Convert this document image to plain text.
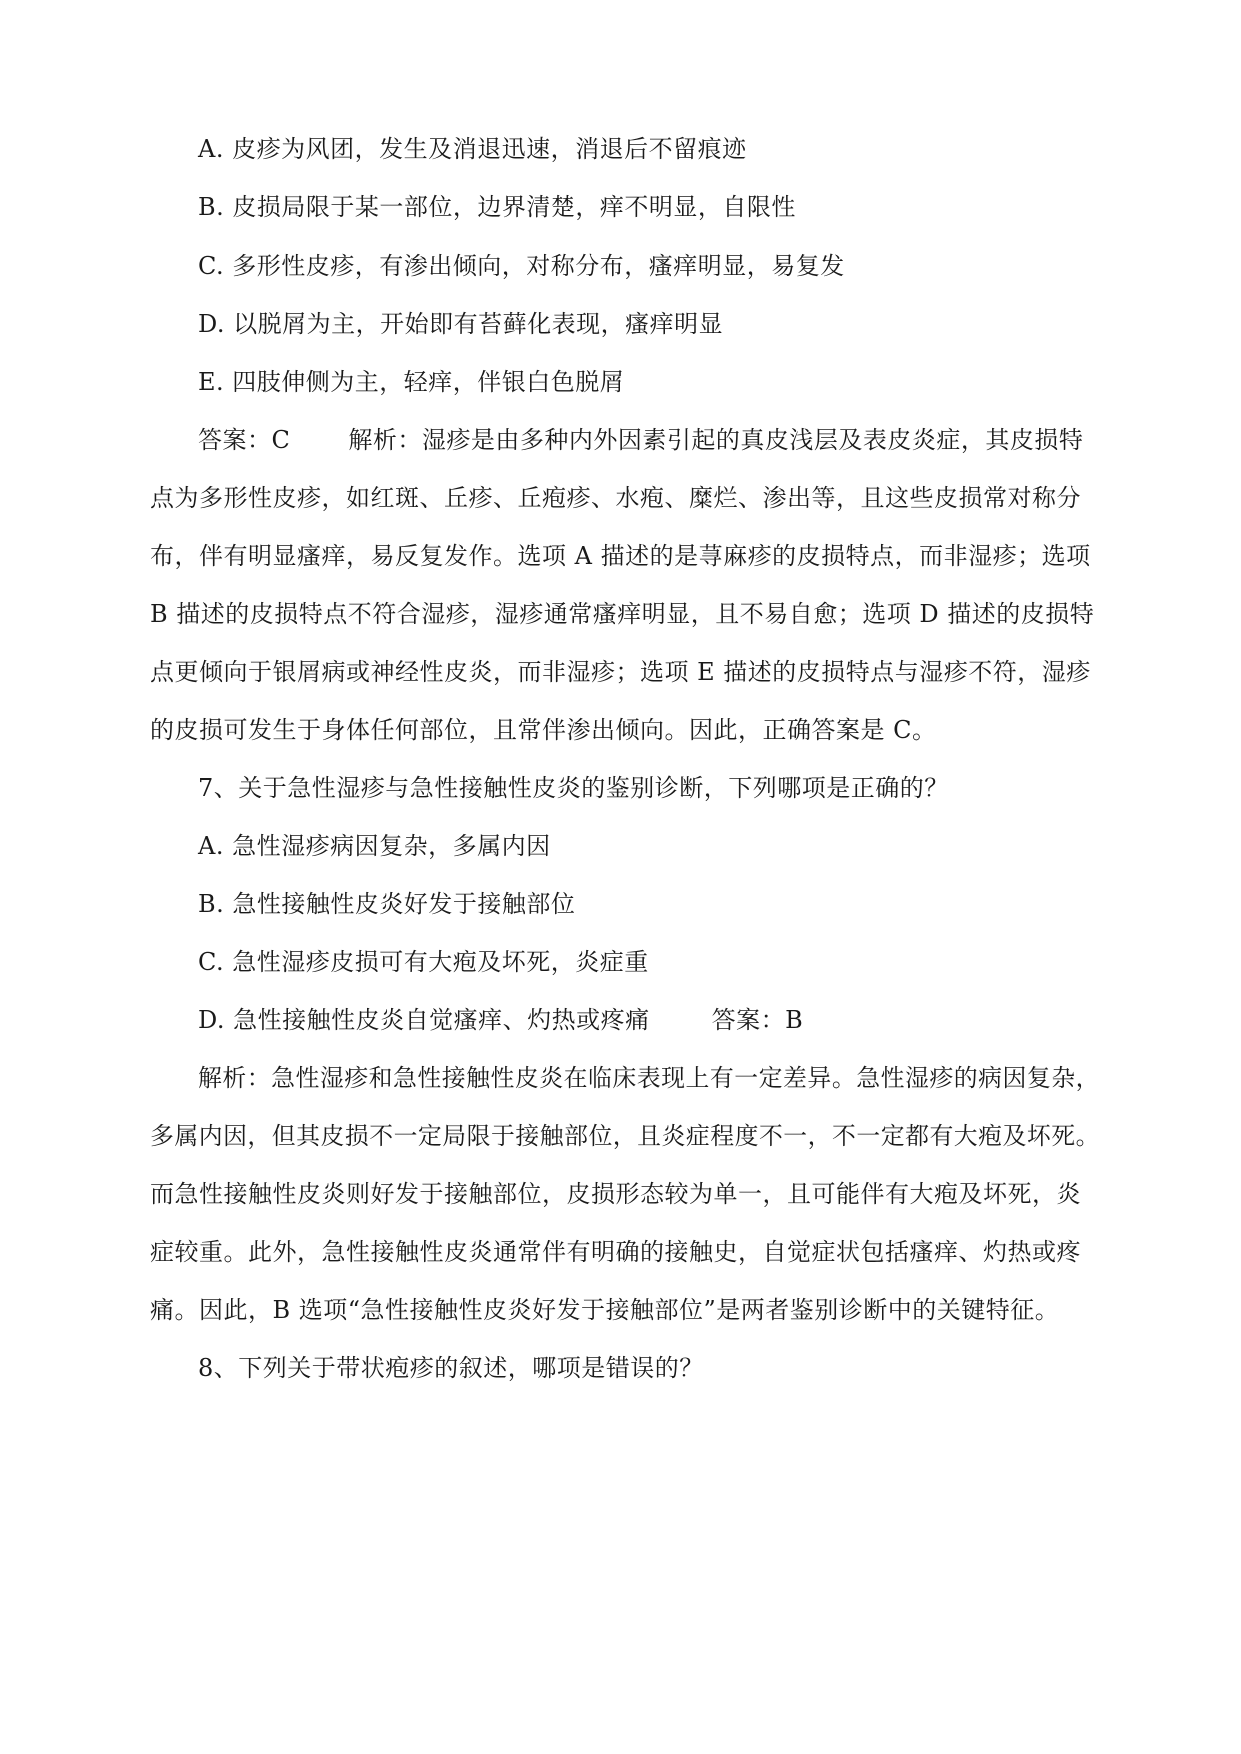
A. 皮疹为风团，发生及消退迅速，消退后不留痕迹
B. 皮损局限于某一部位，边界清楚，痒不明显，自限性
C. 多形性皮疹，有渗出倾向，对称分布，瘙痒明显，易复发
D. 以脱屑为主，开始即有苔藓化表现，瘙痒明显
E. 四肢伸侧为主，轻痒，伴银白色脱屑
答案：C 解析：湿疹是由多种内外因素引起的真皮浅层及表皮炎症，其皮损特
点为多形性皮疹，如红斑、丘疹、丘疱疹、水疱、糜烂、渗出等，且这些皮损常对称分
布，伴有明显瘙痒，易反复发作。选项 A 描述的是荨麻疹的皮损特点，而非湿疹；选项
B 描述的皮损特点不符合湿疹，湿疹通常瘙痒明显，且不易自愈；选项 D 描述的皮损特
点更倾向于银屑病或神经性皮炎，而非湿疹；选项 E 描述的皮损特点与湿疹不符，湿疹
的皮损可发生于身体任何部位，且常伴渗出倾向。因此，正确答案是 C。
7、关于急性湿疹与急性接触性皮炎的鉴别诊断，下列哪项是正确的？
A. 急性湿疹病因复杂，多属内因
B. 急性接触性皮炎好发于接触部位
C. 急性湿疹皮损可有大疱及坏死，炎症重
D. 急性接触性皮炎自觉瘙痒、灼热或疼痛	答案：B
解析：急性湿疹和急性接触性皮炎在临床表现上有一定差异。急性湿疹的病因复杂，
多属内因，但其皮损不一定局限于接触部位，且炎症程度不一，不一定都有大疱及坏死。
而急性接触性皮炎则好发于接触部位，皮损形态较为单一，且可能伴有大疱及坏死，炎
症较重。此外，急性接触性皮炎通常伴有明确的接触史，自觉症状包括瘙痒、灼热或疼
痛。因此，B 选项“急性接触性皮炎好发于接触部位”是两者鉴别诊断中的关键特征。
8、下列关于带状疱疹的叙述，哪项是错误的？
